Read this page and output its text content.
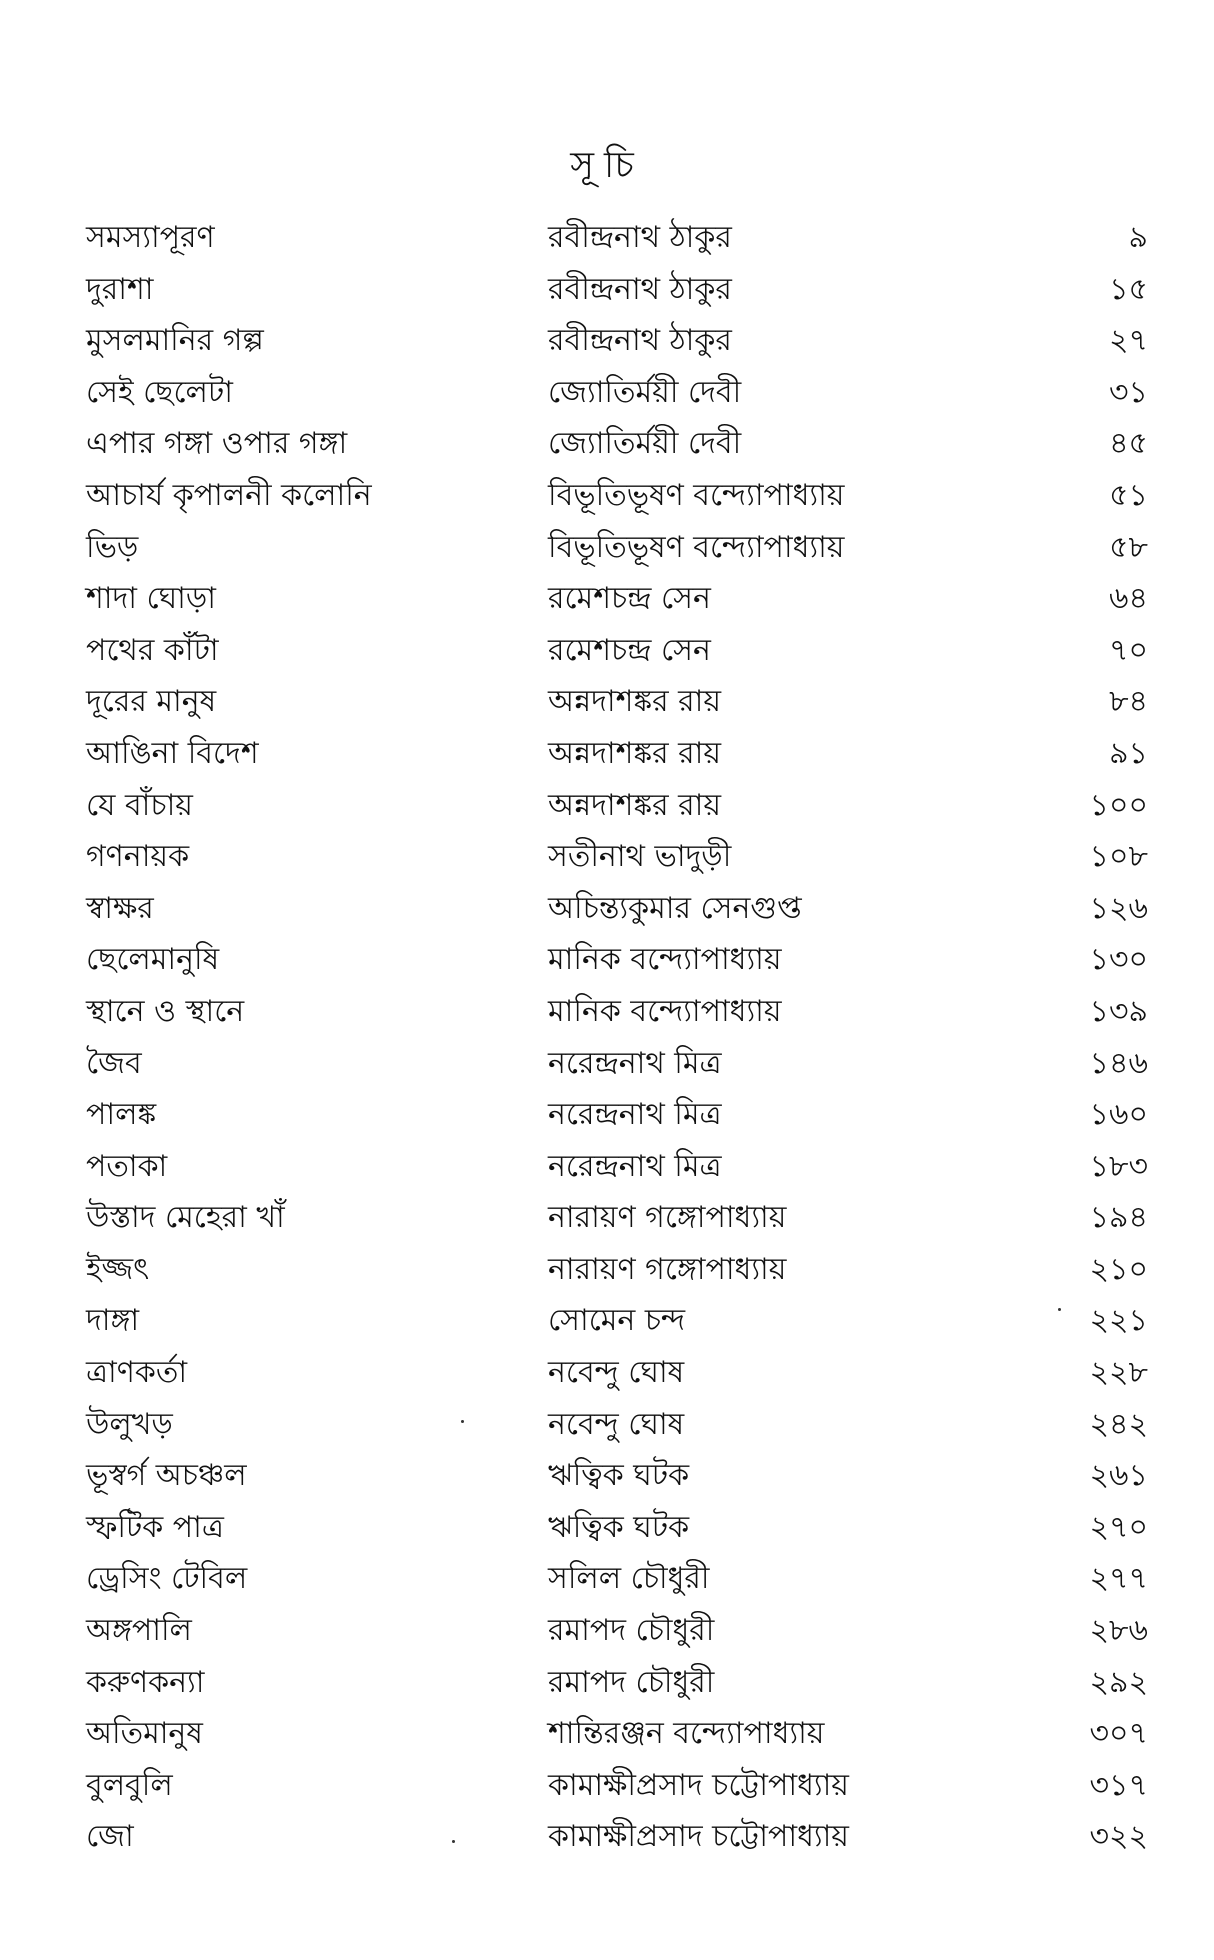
সূচি
সমস্যাপূরণ	রবীন্দ্রনাথ ঠাকুর	৯
দুরাশা	রবীন্দ্রনাথ ঠাকুর	১৫
মুসলমানির গল্প	রবীন্দ্রনাথ ঠাকুর	২৭
সেই ছেলেটা	জ্যোতির্ময়ী দেবী	৩১
এপার গঙ্গা ওপার গঙ্গা	জ্যোতির্ময়ী দেবী	৪৫
আচার্য কৃপালনী কলোনি	বিভূতিভূষণ বন্দ্যোপাধ্যায়	৫১
ভিড়	বিভূতিভূষণ বন্দ্যোপাধ্যায়	৫৮
শাদা ঘোড়া	রমেশচন্দ্র সেন	৬৪
পথের কাঁটা	রমেশচন্দ্র সেন	৭০
দূরের মানুষ	অন্নদাশঙ্কর রায়	৮৪
আঙিনা বিদেশ	অন্নদাশঙ্কর রায়	৯১
যে বাঁচায়	অন্নদাশঙ্কর রায়	১০০
গণনায়ক	সতীনাথ ভাদুড়ী	১০৮
স্বাক্ষর	অচিন্ত্যকুমার সেনগুপ্ত	১২৬
ছেলেমানুষি	মানিক বন্দ্যোপাধ্যায়	১৩০
স্থানে ও স্থানে	মানিক বন্দ্যোপাধ্যায়	১৩৯
জৈব	নরেন্দ্রনাথ মিত্র	১৪৬
পালঙ্ক	নরেন্দ্রনাথ মিত্র	১৬০
পতাকা	নরেন্দ্রনাথ মিত্র	১৮৩
উস্তাদ মেহেরা খাঁ	নারায়ণ গঙ্গোপাধ্যায়	১৯৪
ইজ্জৎ	নারায়ণ গঙ্গোপাধ্যায়	২১০
দাঙ্গা	সোমেন চন্দ	২২১
ত্রাণকর্তা	নবেন্দু ঘোষ	২২৮
উলুখড়	নবেন্দু ঘোষ	২৪২
ভূস্বর্গ অচঞ্চল	ঋত্বিক ঘটক	২৬১
স্ফটিক পাত্র	ঋত্বিক ঘটক	২৭০
ড্রেসিং টেবিল	সলিল চৌধুরী	২৭৭
অঙ্গপালি	রমাপদ চৌধুরী	২৮৬
করুণকন্যা	রমাপদ চৌধুরী	২৯২
অতিমানুষ	শান্তিরঞ্জন বন্দ্যোপাধ্যায়	৩০৭
বুলবুলি	কামাক্ষীপ্রসাদ চট্টোপাধ্যায়	৩১৭
জো	কামাক্ষীপ্রসাদ চট্টোপাধ্যায়	৩২২
